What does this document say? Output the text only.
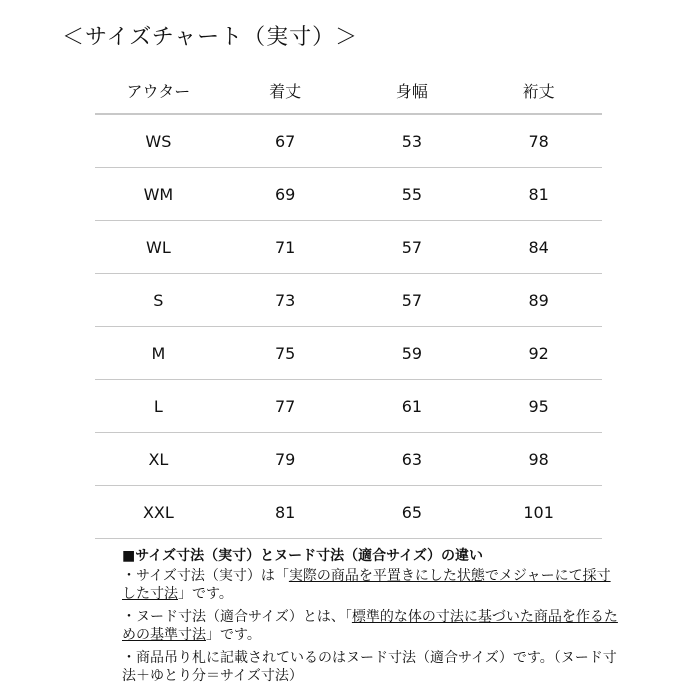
＜サイズチャート（実寸）＞
アウター	着丈	身幅	裄丈
WS	67	53	78
WM	69	55	81
WL	71	57	84
S	73	57	89
M	75	59	92
L	77	61	95
XL	79	63	98
XXL	81	65	101
■サイズ寸法（実寸）とヌード寸法（適合サイズ）の違い
・サイズ寸法（実寸）は「実際の商品を平置きにした状態でメジャーにて採寸した寸法」です。
・ヌード寸法（適合サイズ）とは、「標準的な体の寸法に基づいた商品を作るための基準寸法」です。
・商品吊り札に記載されているのはヌード寸法（適合サイズ）です。（ヌード寸法＋ゆとり分＝サイズ寸法）
